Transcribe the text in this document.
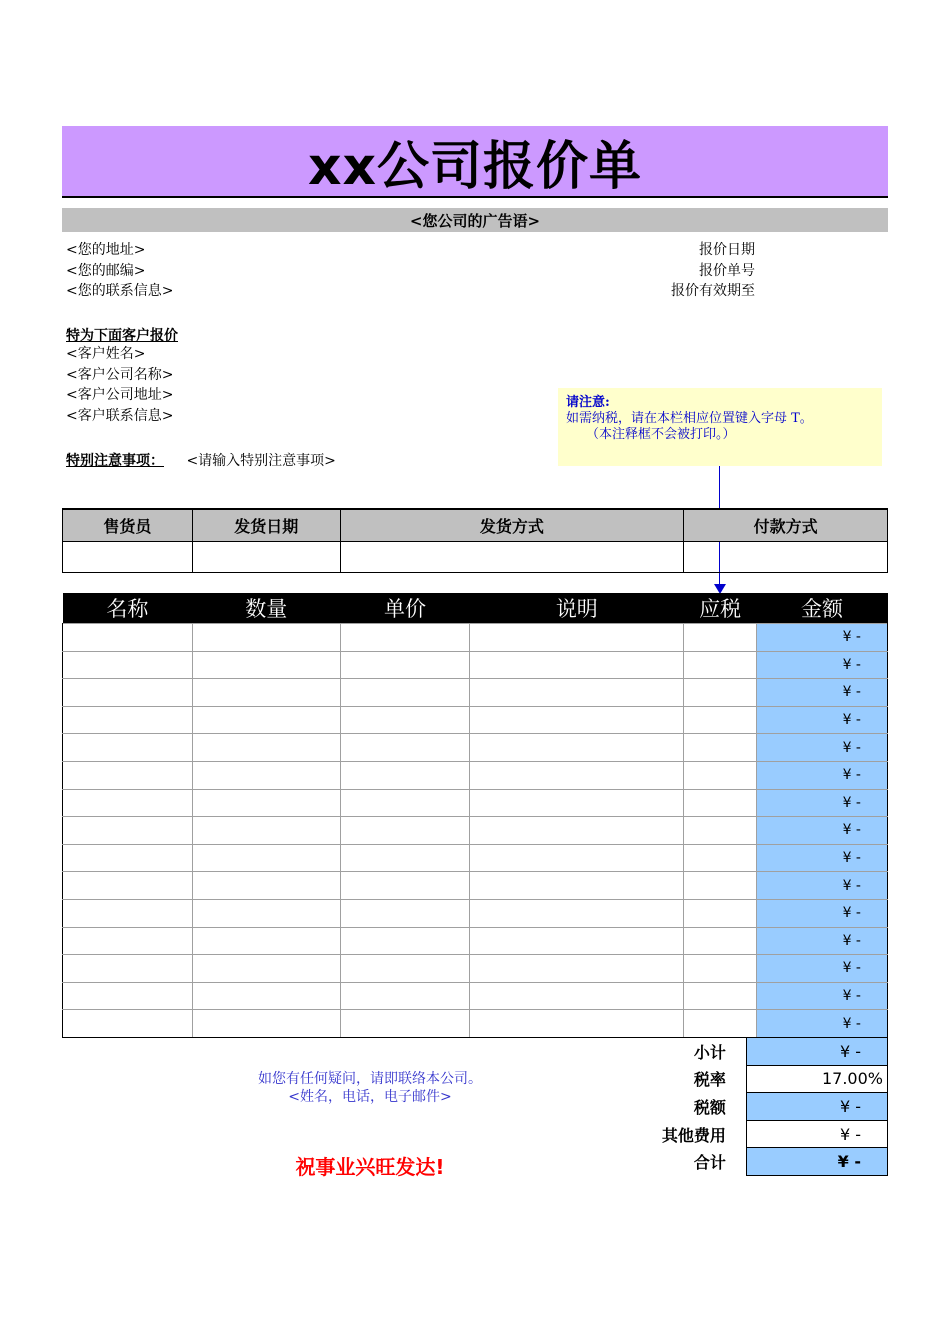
xx公司报价单
<您公司的广告语>
<您的地址>
<您的邮编>
<您的联系信息>
报价日期
报价单号
报价有效期至
特为下面客户报价
<客户姓名>
<客户公司名称>
<客户公司地址>
<客户联系信息>
特别注意事项： <请输入特别注意事项>
请注意:
如需纳税，请在本栏相应位置键入字母 T。
（本注释框不会被打印。）
售货员	发货日期	发货方式	付款方式

名称	数量	单价	说明	应税	金额
					¥ -
					¥ -
					¥ -
					¥ -
					¥ -
					¥ -
					¥ -
					¥ -
					¥ -
					¥ -
					¥ -
					¥ -
					¥ -
					¥ -
					¥ -
小计	¥ -
税率	17.00%
税额	¥ -
其他费用	¥ -
合计	¥ -
如您有任何疑问，请即联络本公司。
<姓名，电话，电子邮件>
祝事业兴旺发达!
